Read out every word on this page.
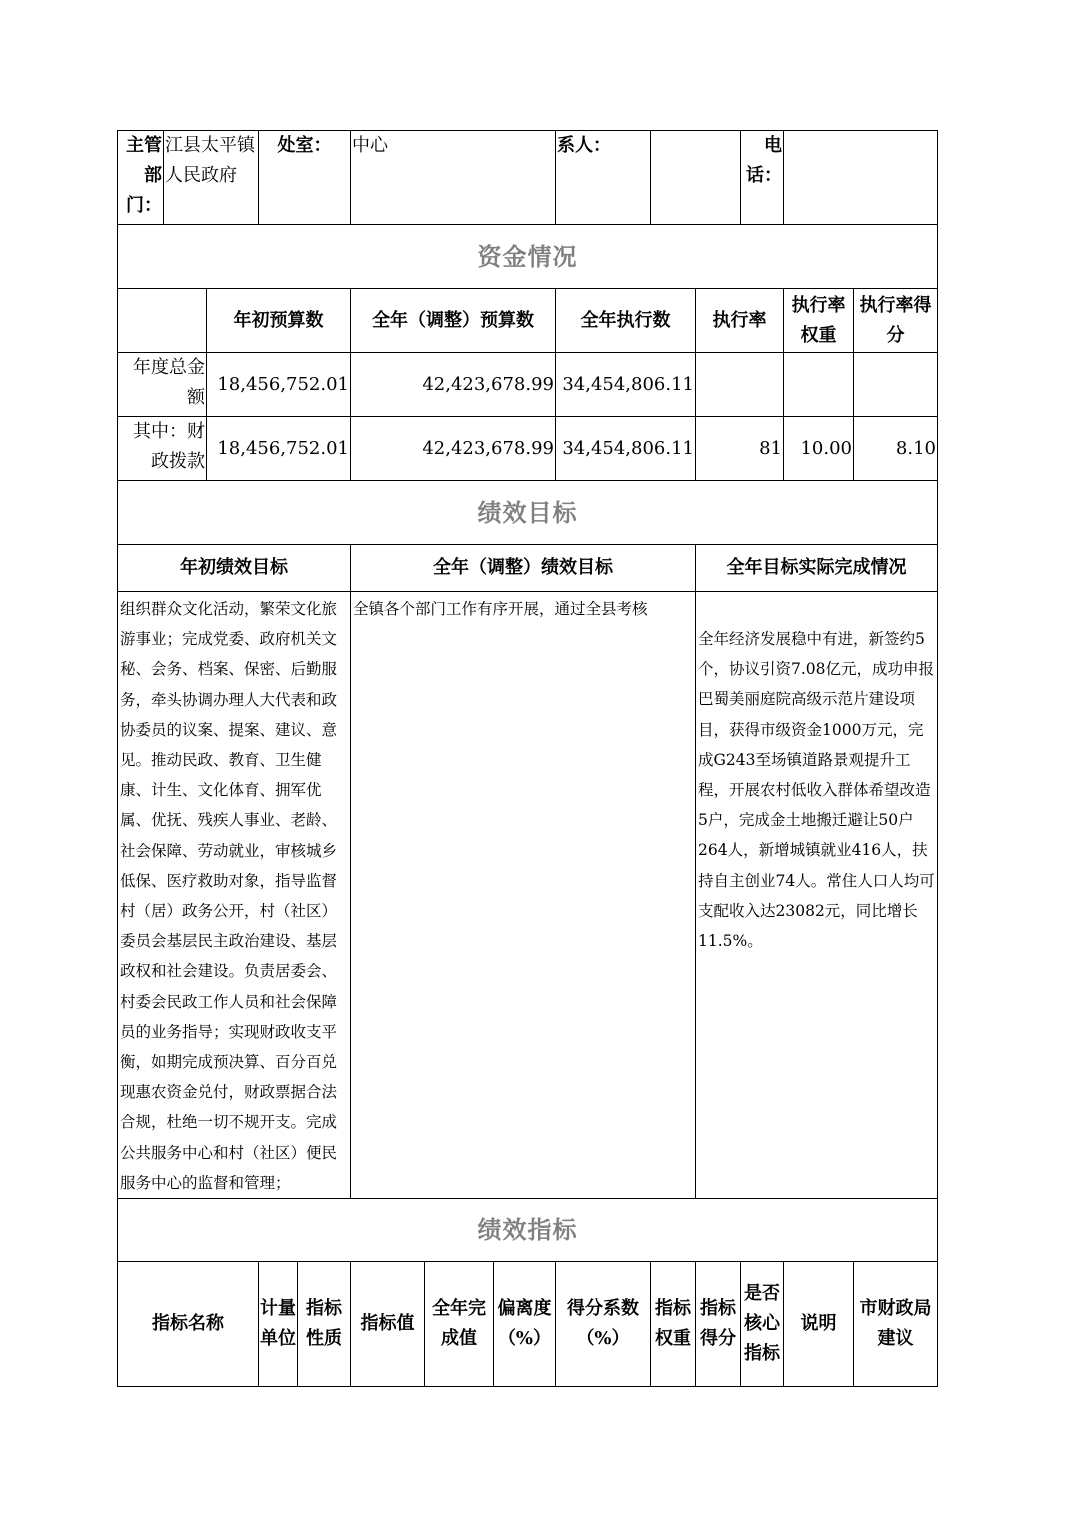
主管部门：	江县太平镇人民政府		处室：		中心			系人：			电话：		
资金情况													
		年初预算数			全年（调整）预算数			全年执行数		执行率		执行率权重	执行率得分
年度总金额		18,456,752.01			42,423,678.99			34,454,806.11					
其中：财政拨款		18,456,752.01			42,423,678.99			34,454,806.11		81		10.00	8.10
绩效目标													
年初绩效目标					全年（调整）绩效目标					全年目标实际完成情况			
组织群众文化活动，繁荣文化旅游事业；完成党委、政府机关文秘、会务、档案、保密、后勤服务，牵头协调办理人大代表和政协委员的议案、提案、建议、意见。推动民政、教育、卫生健康、计生、文化体育、拥军优属、优抚、残疾人事业、老龄、社会保障、劳动就业，审核城乡低保、医疗救助对象，指导监督村（居）政务公开，村（社区）委员会基层民主政治建设、基层政权和社会建设。负责居委会、村委会民政工作人员和社会保障员的业务指导；实现财政收支平衡，如期完成预决算、百分百兑现惠农资金兑付，财政票据合法合规，杜绝一切不规开支。完成公共服务中心和村（社区）便民服务中心的监督和管理；					全镇各个部门工作有序开展，通过全县考核					全年经济发展稳中有进，新签约5个，协议引资7.08亿元，成功申报巴蜀美丽庭院高级示范片建设项目，获得市级资金1000万元，完成G243至场镇道路景观提升工程，开展农村低收入群体希望改造5户，完成金土地搬迁避让50户264人，新增城镇就业416人，扶持自主创业74人。常住人口人均可支配收入达23082元，同比增长11.5%。			
绩效指标													
指标名称			计量单位	指标性质	指标值	全年完成值	偏离度（%）	得分系数（%）	指标权重	指标得分	是否核心指标	说明	市财政局建议
